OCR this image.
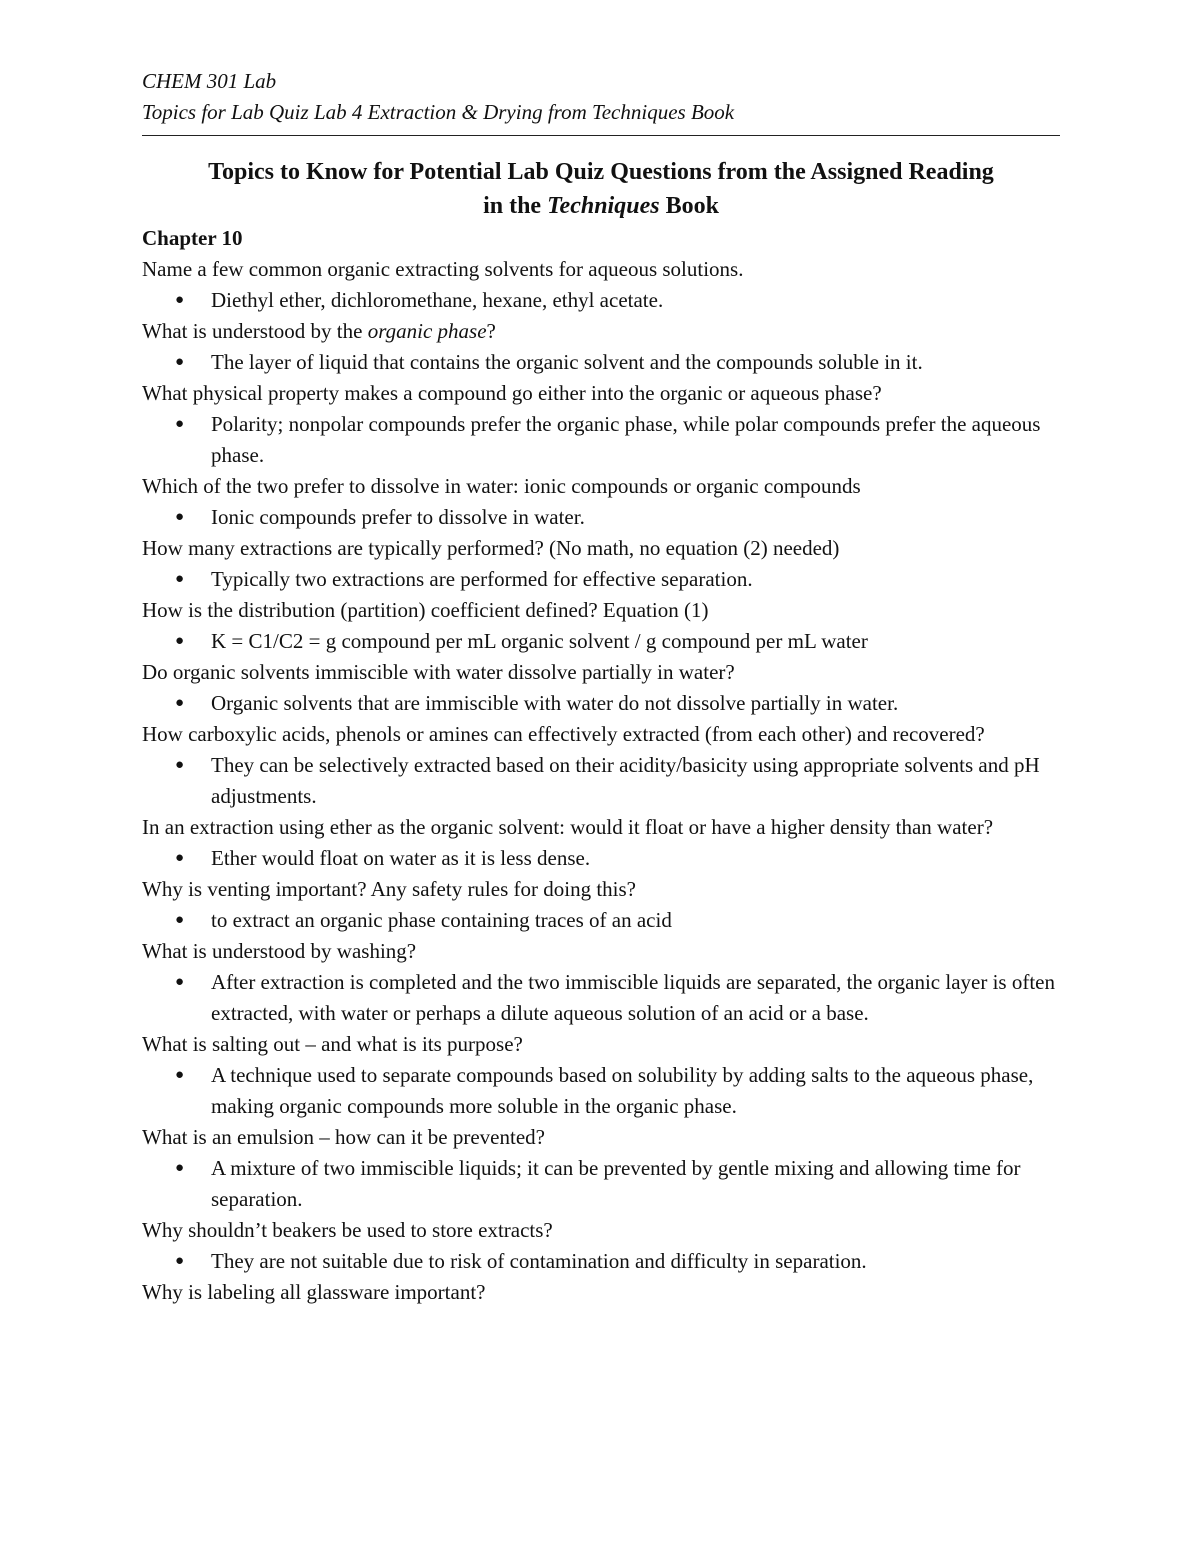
CHEM 301 Lab
Topics for Lab Quiz Lab 4 Extraction & Drying from Techniques Book
Topics to Know for Potential Lab Quiz Questions from the Assigned Reading
in the Techniques Book
Chapter 10

Name a few common organic extracting solvents for aqueous solutions.

● Diethyl ether, dichloromethane, hexane, ethyl acetate.

What is understood by the organic phase?

● The layer of liquid that contains the organic solvent and the compounds soluble in it.

What physical property makes a compound go either into the organic or aqueous phase?

● Polarity; nonpolar compounds prefer the organic phase, while polar compounds prefer the aqueous phase.

Which of the two prefer to dissolve in water: ionic compounds or organic compounds

● Ionic compounds prefer to dissolve in water.

How many extractions are typically performed? (No math, no equation (2) needed)

● Typically two extractions are performed for effective separation.

How is the distribution (partition) coefficient defined? Equation (1)

● K = C1/C2 = g compound per mL organic solvent / g compound per mL water

Do organic solvents immiscible with water dissolve partially in water?

● Organic solvents that are immiscible with water do not dissolve partially in water.

How carboxylic acids, phenols or amines can effectively extracted (from each other) and recovered?

● They can be selectively extracted based on their acidity/basicity using appropriate solvents and pH adjustments.

In an extraction using ether as the organic solvent: would it float or have a higher density than water?

● Ether would float on water as it is less dense.

Why is venting important? Any safety rules for doing this?

● to extract an organic phase containing traces of an acid

What is understood by washing?

● After extraction is completed and the two immiscible liquids are separated, the organic layer is often extracted, with water or perhaps a dilute aqueous solution of an acid or a base.

What is salting out – and what is its purpose?

● A technique used to separate compounds based on solubility by adding salts to the aqueous phase, making organic compounds more soluble in the organic phase.

What is an emulsion – how can it be prevented?

● A mixture of two immiscible liquids; it can be prevented by gentle mixing and allowing time for separation.

Why shouldn’t beakers be used to store extracts?

● They are not suitable due to risk of contamination and difficulty in separation.

Why is labeling all glassware important?
